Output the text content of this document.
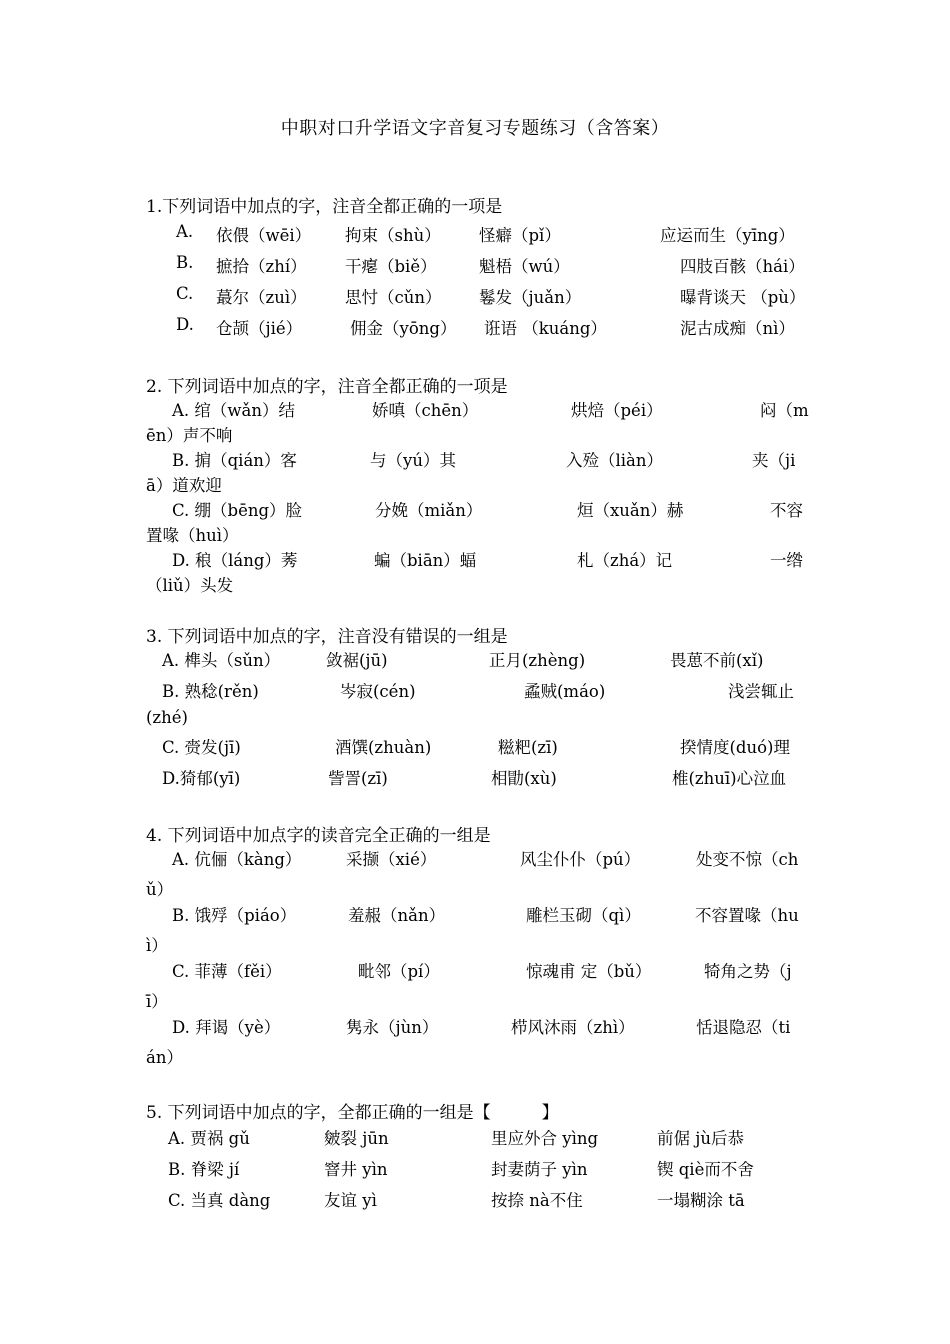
中职对口升学语文字音复习专题练习（含答案）
1.下列词语中加点的字，注音全都正确的一项是
A. 依偎（wēi） 拘束（shù） 怪癖（pǐ）	应运而生（yīng）
B. 摭拾（zhí） 干瘪（biě）	魁梧（wú）	四肢百骸（hái）
C. 蕞尔（zuì） 思忖（cǔn） 鬈发（juǎn）	曝背谈天 （pù）
D. 仓颉（jié）	佣金（yōng） 诳语 （kuáng）	泥古成痴（nì）
2. 下列词语中加点的字，注音全都正确的一项是
A. 绾（wǎn）结	娇嗔（chēn）	烘焙（péi）	闷（m
ēn）声不响
B. 掮（qián）客	与（yú）其	入殓（liàn）	夹（ji
ā）道欢迎
C. 绷（bēng）脸	分娩（miǎn）	烜（xuǎn）赫	不容
置喙（huì）
D. 稂（láng）莠	蝙（biān）蝠	札（zhá）记	一绺
（liǔ）头发
3. 下列词语中加点的字，注音没有错误的一组是
A. 榫头（sǔn）	敛裾(jū)	正月(zhèng)	畏葸不前(xǐ)
B. 熟稔(rěn)	岑寂(cén)	蟊贼(máo)	浅尝辄止
(zhé)
C. 赍发(jī)	酒馔(zhuàn)	糍粑(zī)	揆情度(duó)理
D.猗郁(yī)	訾詈(zī)	相勖(xù)	椎(zhuī)心泣血
4. 下列词语中加点字的读音完全正确的一组是
A. 伉俪（kàng）	采撷（xié）	风尘仆仆（pú）	处变不惊（ch
ǔ）
B. 饿殍（piáo）	羞赧（nǎn）	雕栏玉砌（qì）	不容置喙（hu
ì）
C. 菲薄（fěi）	毗邻（pí）	惊魂甫 定（bǔ）	犄角之势（j
ī）
D. 拜谒（yè）	隽永（jùn）	栉风沐雨（zhì）	恬退隐忍（ti
án）
5. 下列词语中加点的字，全都正确的一组是【　　　】
A. 贾祸 gǔ	皴裂 jūn	里应外合 yìng	前倨 jù后恭
B. 脊梁 jí	窨井 yìn	封妻荫子 yìn	锲 qiè而不舍
C. 当真 dàng	友谊 yì	按捺 nà不住	一塌糊涂 tā
